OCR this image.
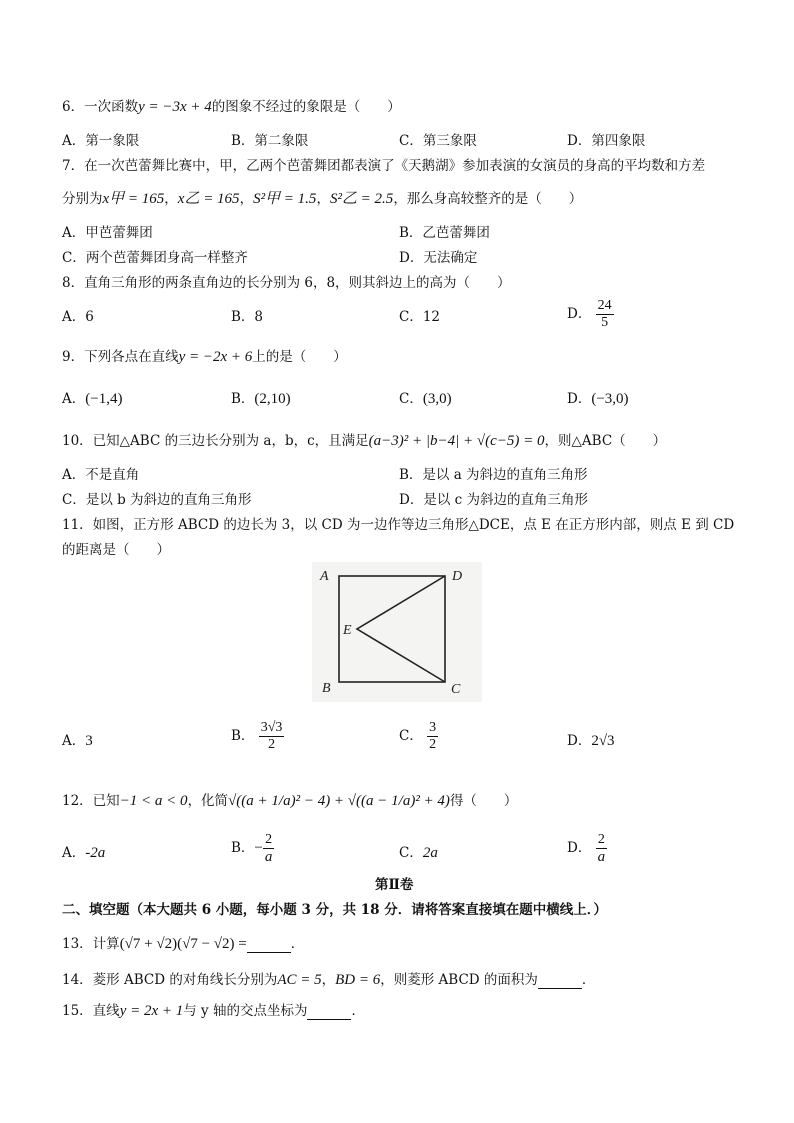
6．一次函数y = −3x + 4的图象不经过的象限是（　　）
A．第一象限	B．第二象限	C．第三象限	D．第四象限
7．在一次芭蕾舞比赛中，甲，乙两个芭蕾舞团都表演了《天鹅湖》参加表演的女演员的身高的平均数和方差
分别为x甲 = 165，x乙 = 165，S²甲 = 1.5，S²乙 = 2.5，那么身高较整齐的是（　　）
A．甲芭蕾舞团	B．乙芭蕾舞团
C．两个芭蕾舞团身高一样整齐	D．无法确定
8．直角三角形的两条直角边的长分别为 6，8，则其斜边上的高为（　　）
A．6	B．8	C．12	D． $\frac{24}{5}$
9．下列各点在直线y = −2x + 6上的是（　　）
A．(−1,4)	B．(2,10)	C．(3,0)	D．(−3,0)
10．已知△ABC 的三边长分别为 a，b，c，且满足(a−3)² + |b−4| + √(c−5) = 0，则△ABC（　　）
A．不是直角	B．是以 a 为斜边的直角三角形
C．是以 b 为斜边的直角三角形	D．是以 c 为斜边的直角三角形
11．如图，正方形 ABCD 的边长为 3，以 CD 为一边作等边三角形△DCE，点 E 在正方形内部，则点 E 到 CD
的距离是（　　）
A	D
E
B	C
A．3	B． $\frac{3√3}{2}$	C． $\frac{3}{2}$	D．2√3
12．已知−1 < a < 0，化简√((a + 1/a)² − 4) + √((a − 1/a)² + 4)得（　　）
A．-2a	B．− $\frac{2}{a}$	C．2a	D． $\frac{2}{a}$
第Ⅱ卷
二、填空题（本大题共 6 小题，每小题 3 分，共 18 分．请将答案直接填在题中横线上．）
13．计算(√7 + √2)(√7 − √2) =	．
14．菱形 ABCD 的对角线长分别为AC = 5，BD = 6，则菱形 ABCD 的面积为	．
15．直线y = 2x + 1与 y 轴的交点坐标为	．
